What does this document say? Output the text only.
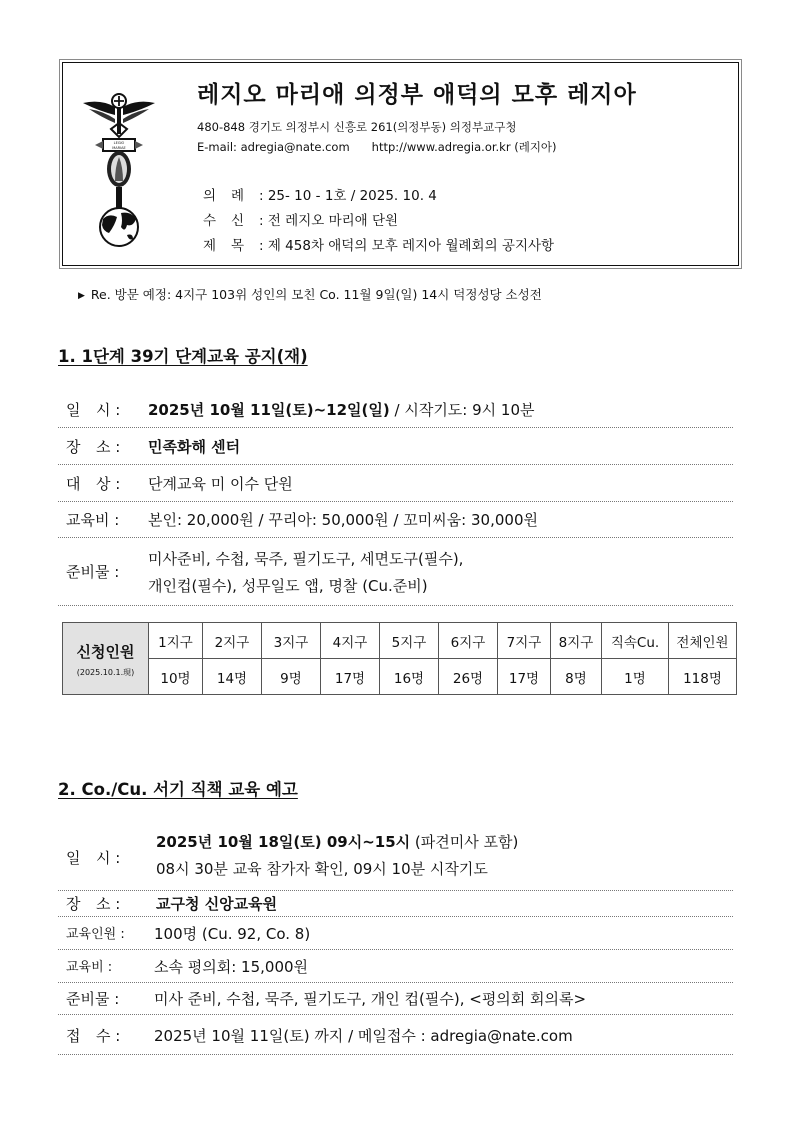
LEGIO
MARIAE
레지오 마리애 의정부 애덕의 모후 레지아
480-848 경기도 의정부시 신흥로 261(의정부동) 의정부교구청
E-mail: adregia@nate.com http://www.adregia.or.kr (레지아)
의 례 : 25- 10 - 1호 / 2025. 10. 4
수 신 : 전 레지오 마리애 단원
제 목 : 제 458차 애덕의 모후 레지아 월례회의 공지사항
▶ Re. 방문 예정: 4지구 103위 성인의 모친 Co. 11월 9일(일) 14시 덕정성당 소성전
1. 1단계 39기 단계교육 공지(재)
일 시 :	2025년 10월 11일(토)~12일(일) / 시작기도: 9시 10분
장 소 :	민족화해 센터
대 상 :	단계교육 미 이수 단원
교육비 : 본인: 20,000원 / 꾸리아: 50,000원 / 꼬미씨움: 30,000원
준비물 :
미사준비, 수첩, 묵주, 필기도구, 세면도구(필수),
개인컵(필수), 성무일도 앱, 명찰 (Cu.준비)
신청인원
(2025.10.1.現)	1지구	2지구	3지구	4지구	5지구	6지구	7지구	8지구	직속Cu.	전체인원
	10명	14명	9명	17명	16명	26명	17명	8명	1명	118명
2. Co./Cu. 서기 직책 교육 예고
일 시 :
2025년 10월 18일(토) 09시~15시 (파견미사 포함)
08시 30분 교육 참가자 확인, 09시 10분 시작기도
장 소 :	교구청 신앙교육원
교육인원 : 100명 (Cu. 92, Co. 8)
교육비 :	소속 평의회: 15,000원
준비물 : 미사 준비, 수첩, 묵주, 필기도구, 개인 컵(필수), <평의회 회의록>
접 수 :	2025년 10월 11일(토) 까지 / 메일접수 : adregia@nate.com
